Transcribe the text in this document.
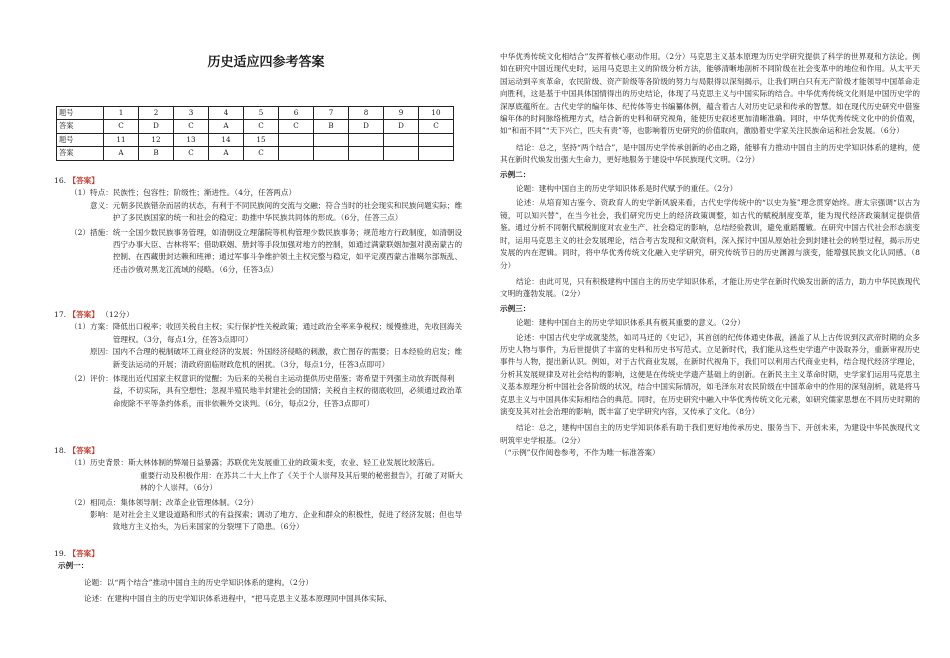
历史适应四参考答案
题号	1	2	3	4	5	6	7	8	9	10
答案	C	D	C	A	C	C	B	D	D	C
题号	11	12	13	14	15					
答案	A	B	C	A	C					

16. 【答案】

（1）特点： 民族性；包容性；阶级性；渐进性。（4分，任答两点）
意义： 元朝多民族错杂而居的状态，有利于不同民族间的交流与交融；符合当时的社会现实和民族问题实际；维护了多民族国家的统一和社会的稳定；助推中华民族共同体的形成。（6分，任答三点）
（2）措施： 统一全国少数民族事务管理，如清朝设立理藩院等机构管理少数民族事务；规范地方行政制度，如清朝设西宁办事大臣、吉林将军；借助联姻、册封等手段加强对地方的控制，如通过满蒙联姻加强对漠南蒙古的控制、在西藏册封达赖和班禅；通过军事斗争维护领土主权完整与稳定，如平定漠西蒙古准噶尔部叛乱、还击沙俄对黑龙江流域的侵略。（6分，任答3点）

17. 【答案】 （12分）

（1）方案： 降低出口税率；收回关税自主权；实行保护性关税政策；通过政治全率来争税权；缓慢推进，先收回海关管理权。（3分，每点1分，任答3点即可）
原因： 国内不合理的税制破坏工商业经济的发展；外国经济侵略的刺激，救亡图存的需要；日本经验的启发；维新变法运动的开展；清政府面临财政危机的困扰。（3分，每点1分，任答3点即可）
（2）评价： 体现出近代国家主权意识的觉醒；为后来的关税自主运动提供历史借鉴；寄希望于列强主动放弃既得利益，不切实际，具有空想性；忽视半殖民地半封建社会的国情；关税自主权的彻底收回，必须通过政治革命废除不平等条约体系，而非依赖外交谈判。（6分，每点2分，任答3点即可）

18. 【答案】

（1）历史背景： 斯大林体制的弊端日益暴露；苏联优先发展重工业的政策未变，农业、轻工业发展比较落后。

重要行动及积极作用：在苏共二十大上作了《关于个人崇拜及其后果的秘密报告》，打破了对斯大林的个人崇拜。（6分）

（2）相同点： 集体领导制；改革企业管理体制。（2分）
影响： 是对社会主义建设道路和形式的有益探索；调动了地方、企业和群众的积极性，促进了经济发展；但也导致地方主义抬头，为后来国家的分裂埋下了隐患。（6分）

19. 【答案】

示例一：

论题：以“两个结合”推动中国自主的历史学知识体系的建构。（2分）

论述：在建构中国自主的历史学知识体系进程中，“把马克思主义基本原理同中国具体实际、

中华优秀传统文化相结合”发挥着核心驱动作用。（2分）马克思主义基本原理为历史学研究提供了科学的世界观和方法论。例如在研究中国近现代史时，运用马克思主义的阶级分析方法，能够清晰地剖析不同阶级在社会变革中的地位和作用。从太平天国运动到辛亥革命，农民阶级、资产阶级等各阶级的努力与局限得以深刻揭示，让我们明白只有无产阶级才能领导中国革命走向胜利，这是基于中国具体国情得出的历史结论，体现了马克思主义与中国实际的结合。中华优秀传统文化则是中国历史学的深厚底蕴所在。古代史学的编年体、纪传体等史书编纂体例，蕴含着古人对历史记录和传承的智慧。如在现代历史研究中借鉴编年体的时间脉络梳理方式，结合新的史料和研究视角，能使历史叙述更加清晰准确。同时，中华优秀传统文化中的价值观，如“和而不同”“天下兴亡，匹夫有责”等，也影响着历史研究的价值取向，激励着史学家关注民族命运和社会发展。（6分）

结论：总之，坚持“两个结合”，是中国历史学传承创新的必由之路，能够有力推动中国自主的历史学知识体系的建构，使其在新时代焕发出强大生命力，更好地服务于建设中华民族现代文明。（2分）

示例二：

论题：建构中国自主的历史学知识体系是时代赋予的重任。（2分）

论述：从培育知古鉴今、资政育人的史学新风貌来看，古代史学传统中的“以史为鉴”理念贯穿始终。唐太宗强调“以古为镜，可以知兴替”，在当今社会，我们研究历史上的经济政策调整，如古代的赋税制度变革，能为现代经济政策制定提供借鉴。通过分析不同朝代赋税制度对农业生产、社会稳定的影响，总结经验教训，避免重蹈覆辙。在研究中国古代社会形态演变时，运用马克思主义的社会发展理论，结合考古发现和文献资料，深入探讨中国从原始社会到封建社会的转型过程，揭示历史发展的内在逻辑。同时，将中华优秀传统文化融入史学研究，研究传统节日的历史渊源与演变，能增强民族文化认同感。（8分）

结论：由此可见，只有积极建构中国自主的历史学知识体系，才能让历史学在新时代焕发出新的活力，助力中华民族现代文明的蓬勃发展。（2分）

示例三：

论题：建构中国自主的历史学知识体系具有极其重要的意义。（2分）

论述：中国古代史学成就斐然，如司马迁的《史记》，其首创的纪传体通史体裁，涵盖了从上古传说到汉武帝时期的众多历史人物与事件，为后世提供了丰富的史料和历史书写范式。立足新时代，我们能从这些史学遗产中汲取养分，重新审视历史事件与人物，提出新认识。例如，对于古代商业发展，在新时代视角下，我们可以利用古代商业史料，结合现代经济学理论，分析其发展规律及对社会结构的影响，这便是在传统史学遗产基础上的创新。在新民主主义革命时期，史学家们运用马克思主义基本原理分析中国社会各阶级的状况，结合中国实际情况，如毛泽东对农民阶级在中国革命中的作用的深刻剖析，就是将马克思主义与中国具体实际相结合的典范。同时，在历史研究中融入中华优秀传统文化元素，如研究儒家思想在不同历史时期的演变及其对社会治理的影响，既丰富了史学研究内容，又传承了文化。（8分）

结论：总之，建构中国自主的历史学知识体系有助于我们更好地传承历史、服务当下、开创未来，为建设中华民族现代文明筑牢史学根基。（2分）

（“示例”仅作阅卷参考，不作为唯一标准答案）
